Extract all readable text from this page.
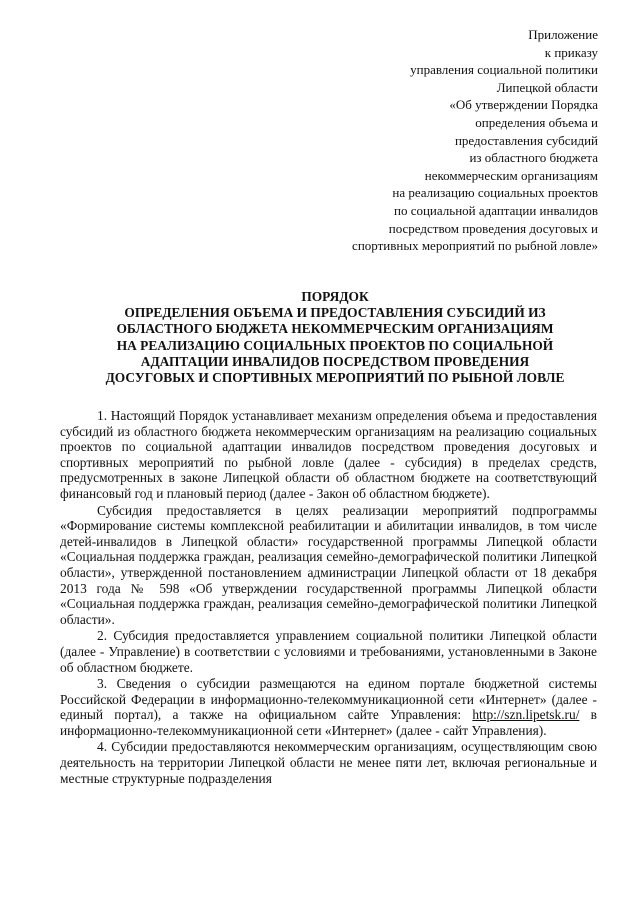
Приложение
к приказу
управления социальной политики
Липецкой области
«Об утверждении Порядка
определения объема и
предоставления субсидий
из областного бюджета
некоммерческим организациям
на реализацию социальных проектов
по социальной адаптации инвалидов
посредством проведения досуговых и
спортивных мероприятий по рыбной ловле»
ПОРЯДОК
ОПРЕДЕЛЕНИЯ ОБЪЕМА И ПРЕДОСТАВЛЕНИЯ СУБСИДИЙ ИЗ
ОБЛАСТНОГО БЮДЖЕТА НЕКОММЕРЧЕСКИМ ОРГАНИЗАЦИЯМ
НА РЕАЛИЗАЦИЮ СОЦИАЛЬНЫХ ПРОЕКТОВ ПО СОЦИАЛЬНОЙ
АДАПТАЦИИ ИНВАЛИДОВ ПОСРЕДСТВОМ ПРОВЕДЕНИЯ
ДОСУГОВЫХ И СПОРТИВНЫХ МЕРОПРИЯТИЙ ПО РЫБНОЙ ЛОВЛЕ

1. Настоящий Порядок устанавливает механизм определения объема и предоставления субсидий из областного бюджета некоммерческим организациям на реализацию социальных проектов по социальной адаптации инвалидов посредством проведения досуговых и спортивных мероприятий по рыбной ловле (далее - субсидия) в пределах средств, предусмотренных в законе Липецкой области об областном бюджете на соответствующий финансовый год и плановый период (далее - Закон об областном бюджете).

Субсидия предоставляется в целях реализации мероприятий подпрограммы «Формирование системы комплексной реабилитации и абилитации инвалидов, в том числе детей-инвалидов в Липецкой области» государственной программы Липецкой области «Социальная поддержка граждан, реализация семейно-демографической политики Липецкой области», утвержденной постановлением администрации Липецкой области от 18 декабря 2013 года № 598 «Об утверждении государственной программы Липецкой области «Социальная поддержка граждан, реализация семейно-демографической политики Липецкой области».

2. Субсидия предоставляется управлением социальной политики Липецкой области (далее - Управление) в соответствии с условиями и требованиями, установленными в Законе об областном бюджете.

3. Сведения о субсидии размещаются на едином портале бюджетной системы Российской Федерации в информационно-телекоммуникационной сети «Интернет» (далее - единый портал), а также на официальном сайте Управления: http://szn.lipetsk.ru/ в информационно-телекоммуникационной сети «Интернет» (далее - сайт Управления).

4. Субсидии предоставляются некоммерческим организациям, осуществляющим свою деятельность на территории Липецкой области не менее пяти лет, включая региональные и местные структурные подразделения
